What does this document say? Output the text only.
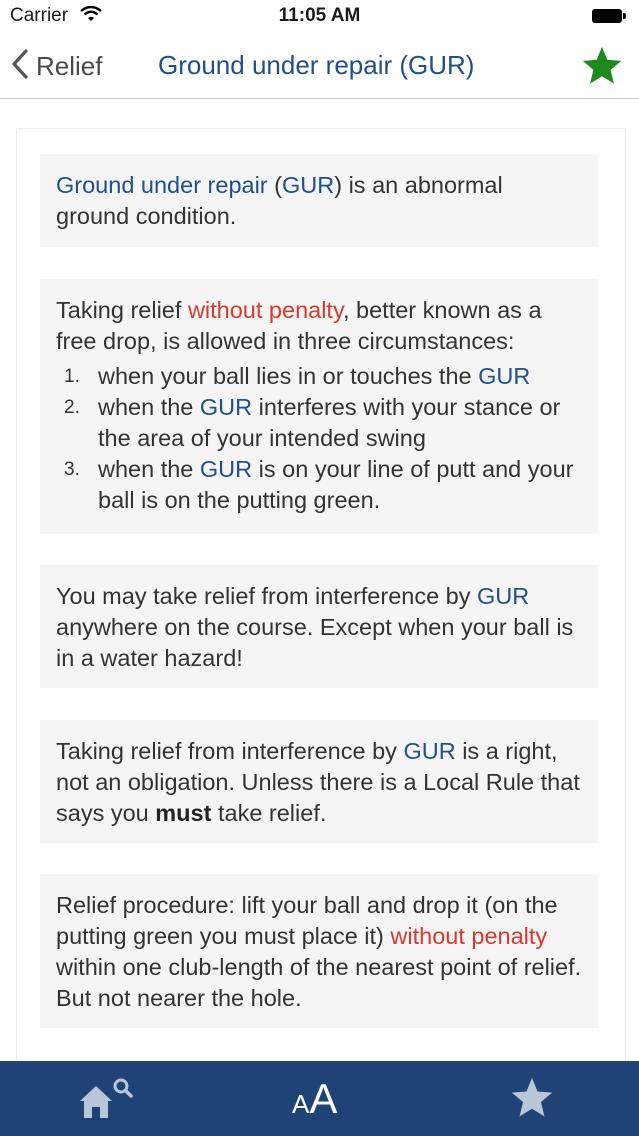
Carrier	11:05 AM
Relief Ground under repair (GUR)
Ground under repair (GUR) is an abnormal ground condition.
Taking relief without penalty, better known as a free drop, is allowed in three circumstances:
1. when your ball lies in or touches the GUR
2. when the GUR interferes with your stance or the area of your intended swing
3. when the GUR is on your line of putt and your ball is on the putting green.
You may take relief from interference by GUR anywhere on the course. Except when your ball is in a water hazard!
Taking relief from interference by GUR is a right, not an obligation. Unless there is a Local Rule that says you must take relief.
Relief procedure: lift your ball and drop it (on the putting green you must place it) without penalty within one club-length of the nearest point of relief. But not nearer the hole.
AA
